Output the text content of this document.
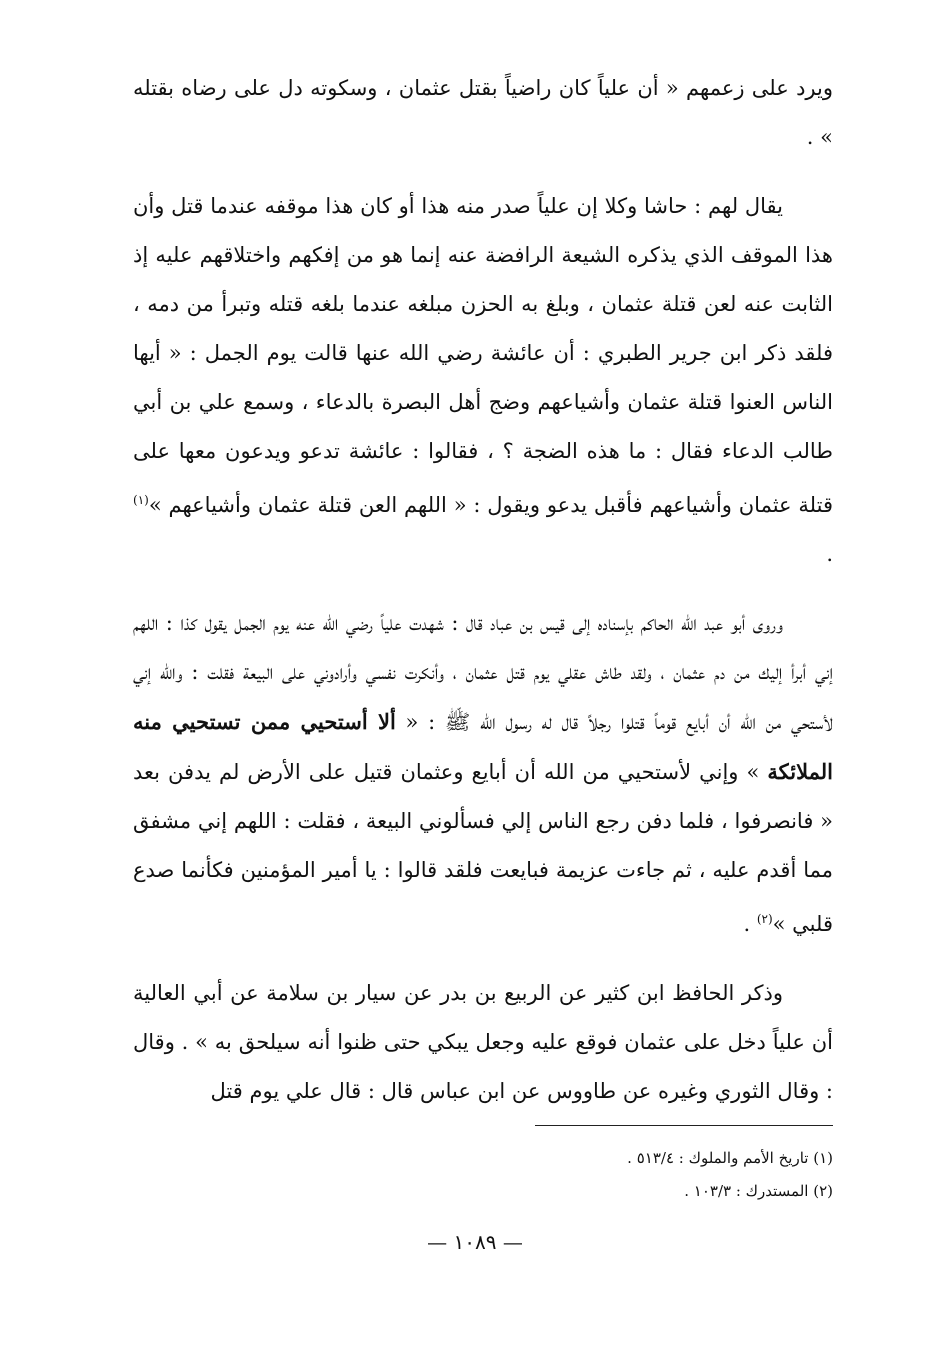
ويرد على زعمهم « أن علياً كان راضياً بقتل عثمان ، وسكوته دل على رضاه بقتله » .

يقال لهم : حاشا وكلا إن علياً صدر منه هذا أو كان هذا موقفه عندما قتل وأن هذا الموقف الذي يذكره الشيعة الرافضة عنه إنما هو من إفكهم واختلاقهم عليه إذ الثابت عنه لعن قتلة عثمان ، وبلغ به الحزن مبلغه عندما بلغه قتله وتبرأ من دمه ، فلقد ذكر ابن جرير الطبري : أن عائشة رضي الله عنها قالت يوم الجمل : « أيها الناس العنوا قتلة عثمان وأشياعهم وضج أهل البصرة بالدعاء ، وسمع علي بن أبي طالب الدعاء فقال : ما هذه الضجة ؟ ، فقالوا : عائشة تدعو ويدعون معها على قتلة عثمان وأشياعهم فأقبل يدعو ويقول : « اللهم العن قتلة عثمان وأشياعهم »$^{(١)}$ .

وروى أبو عبد الله الحاكم بإسناده إلى قيس بن عباد قال : شهدت علياً رضي الله عنه يوم الجمل يقول كذا : اللهم إني أبرأ إليك من دم عثمان ، ولقد طاش عقلي يوم قتل عثمان ، وأنكرت نفسي وأرادوني على البيعة فقلت : والله إني لأستحي من الله أن أبايع قوماً قتلوا رجلاً قال له رسول الله ﷺ : « ألا أستحيي ممن تستحيي منه الملائكة » وإني لأستحيي من الله أن أبايع وعثمان قتيل على الأرض لم يدفن بعد « فانصرفوا ، فلما دفن رجع الناس إلي فسألوني البيعة ، فقلت : اللهم إني مشفق مما أقدم عليه ، ثم جاءت عزيمة فبايعت فلقد قالوا : يا أمير المؤمنين فكأنما صدع قلبي »$^{(٢)}$ .

وذكر الحافظ ابن كثير عن الربيع بن بدر عن سيار بن سلامة عن أبي العالية أن علياً دخل على عثمان فوقع عليه وجعل يبكي حتى ظنوا أنه سيلحق به » . وقال : وقال الثوري وغيره عن طاووس عن ابن عباس قال : قال علي يوم قتل

(١) تاريخ الأمم والملوك : ٥١٣/٤ .
(٢) المستدرك : ١٠٣/٣ .
— ١٠٨٩ —
